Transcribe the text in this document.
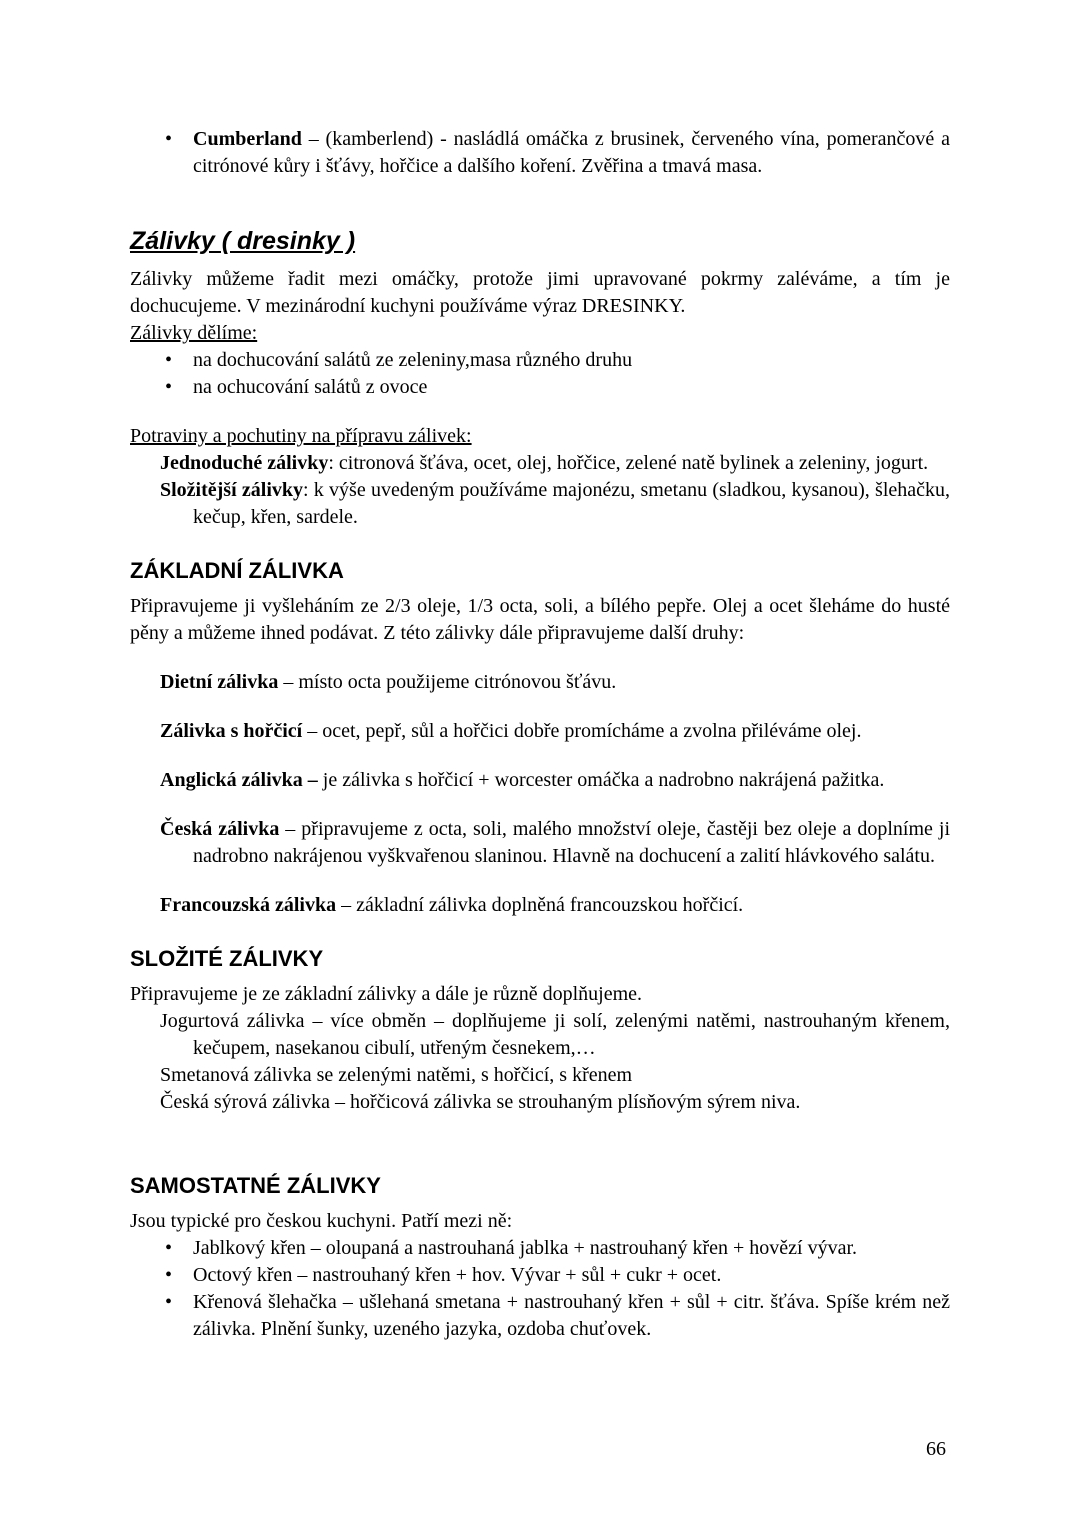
•	Cumberland – (kamberlend) - nasládlá omáčka z brusinek, červeného vína, pomerančové a citrónové kůry i šťávy, hořčice a dalšího koření. Zvěřina a tmavá masa.

Zálivky ( dresinky )

Zálivky můžeme řadit mezi omáčky, protože jimi upravované pokrmy zaléváme, a tím je dochucujeme. V mezinárodní kuchyni používáme výraz DRESINKY.

Zálivky dělíme:

•	na dochucování salátů ze zeleniny,masa různého druhu

•	na ochucování salátů z ovoce

Potraviny a pochutiny na přípravu zálivek:

Jednoduché zálivky: citronová šťáva, ocet, olej, hořčice, zelené natě bylinek a zeleniny, jogurt.

Složitější zálivky: k výše uvedeným používáme majonézu, smetanu (sladkou, kysanou), šlehačku, kečup, křen, sardele.

ZÁKLADNÍ ZÁLIVKA

Připravujeme ji vyšleháním ze 2/3 oleje, 1/3 octa, soli, a bílého pepře. Olej a ocet šleháme do husté pěny a můžeme ihned podávat. Z této zálivky dále připravujeme další druhy:

Dietní zálivka – místo octa použijeme citrónovou šťávu.

Zálivka s hořčicí – ocet, pepř, sůl a hořčici dobře promícháme a zvolna přiléváme olej.

Anglická zálivka – je zálivka s hořčicí + worcester omáčka a nadrobno nakrájená pažitka.

Česká zálivka – připravujeme z octa, soli, malého množství oleje, častěji bez oleje a doplníme ji nadrobno nakrájenou vyškvařenou slaninou. Hlavně na dochucení a zalití hlávkového salátu.

Francouzská zálivka – základní zálivka doplněná francouzskou hořčicí.

SLOŽITÉ ZÁLIVKY

Připravujeme je ze základní zálivky a dále je různě doplňujeme.

Jogurtová zálivka – více obměn – doplňujeme ji solí, zelenými natěmi, nastrouhaným křenem, kečupem, nasekanou cibulí, utřeným česnekem,…

Smetanová zálivka se zelenými natěmi, s hořčicí, s křenem

Česká sýrová zálivka – hořčicová zálivka se strouhaným plísňovým sýrem niva.

SAMOSTATNÉ ZÁLIVKY

Jsou typické pro českou kuchyni. Patří mezi ně:

•	Jablkový křen – oloupaná a nastrouhaná jablka + nastrouhaný křen + hovězí vývar.

•	Octový křen – nastrouhaný křen + hov. Vývar + sůl + cukr + ocet.

•	Křenová šlehačka – ušlehaná smetana + nastrouhaný křen + sůl + citr. šťáva. Spíše krém než zálivka. Plnění šunky, uzeného jazyka, ozdoba chuťovek.

66
